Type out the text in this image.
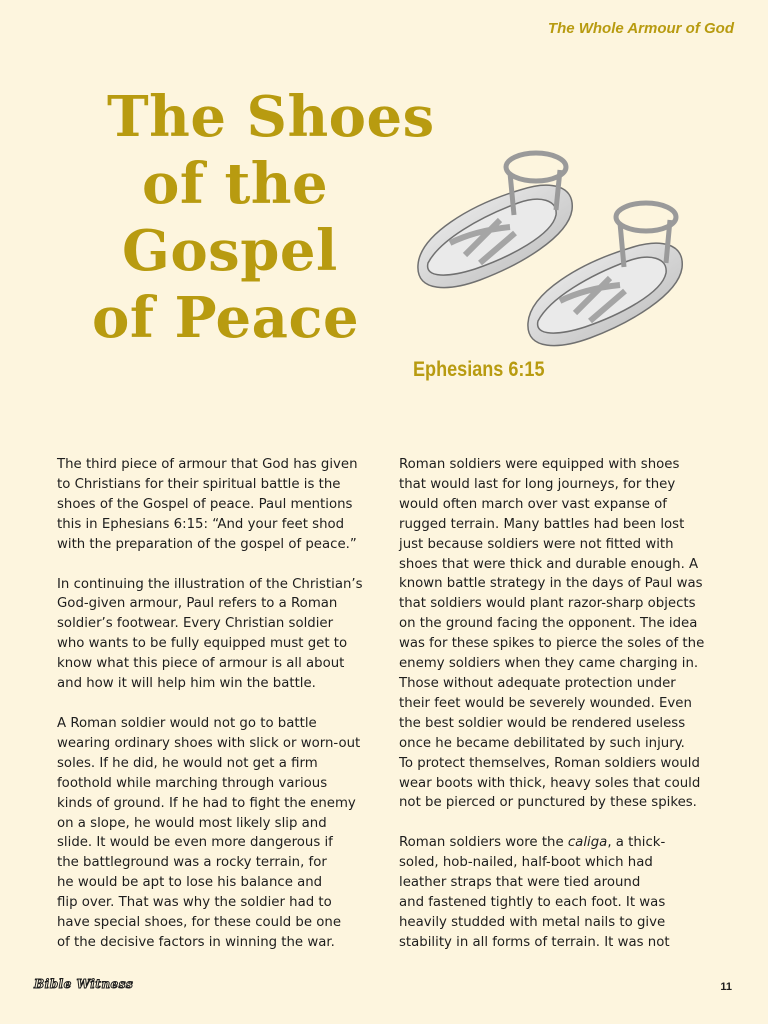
The Whole Armour of God
The Shoes
of the
Gospel
of Peace
Ephesians 6:15

The third piece of armour that God has given
to Christians for their spiritual battle is the
shoes of the Gospel of peace. Paul mentions
this in Ephesians 6:15: “And your feet shod
with the preparation of the gospel of peace.”

In continuing the illustration of the Christian’s
God-given armour, Paul refers to a Roman
soldier’s footwear. Every Christian soldier
who wants to be fully equipped must get to
know what this piece of armour is all about
and how it will help him win the battle.

A Roman soldier would not go to battle
wearing ordinary shoes with slick or worn-out
soles. If he did, he would not get a firm
foothold while marching through various
kinds of ground. If he had to fight the enemy
on a slope, he would most likely slip and
slide. It would be even more dangerous if
the battleground was a rocky terrain, for
he would be apt to lose his balance and
flip over. That was why the soldier had to
have special shoes, for these could be one
of the decisive factors in winning the war.

Roman soldiers were equipped with shoes
that would last for long journeys, for they
would often march over vast expanse of
rugged terrain. Many battles had been lost
just because soldiers were not fitted with
shoes that were thick and durable enough. A
known battle strategy in the days of Paul was
that soldiers would plant razor-sharp objects
on the ground facing the opponent. The idea
was for these spikes to pierce the soles of the
enemy soldiers when they came charging in.
Those without adequate protection under
their feet would be severely wounded. Even
the best soldier would be rendered useless
once he became debilitated by such injury.
To protect themselves, Roman soldiers would
wear boots with thick, heavy soles that could
not be pierced or punctured by these spikes.

Roman soldiers wore the caliga, a thick-
soled, hob-nailed, half-boot which had
leather straps that were tied around
and fastened tightly to each foot. It was
heavily studded with metal nails to give
stability in all forms of terrain. It was not

Bible Witness	11
